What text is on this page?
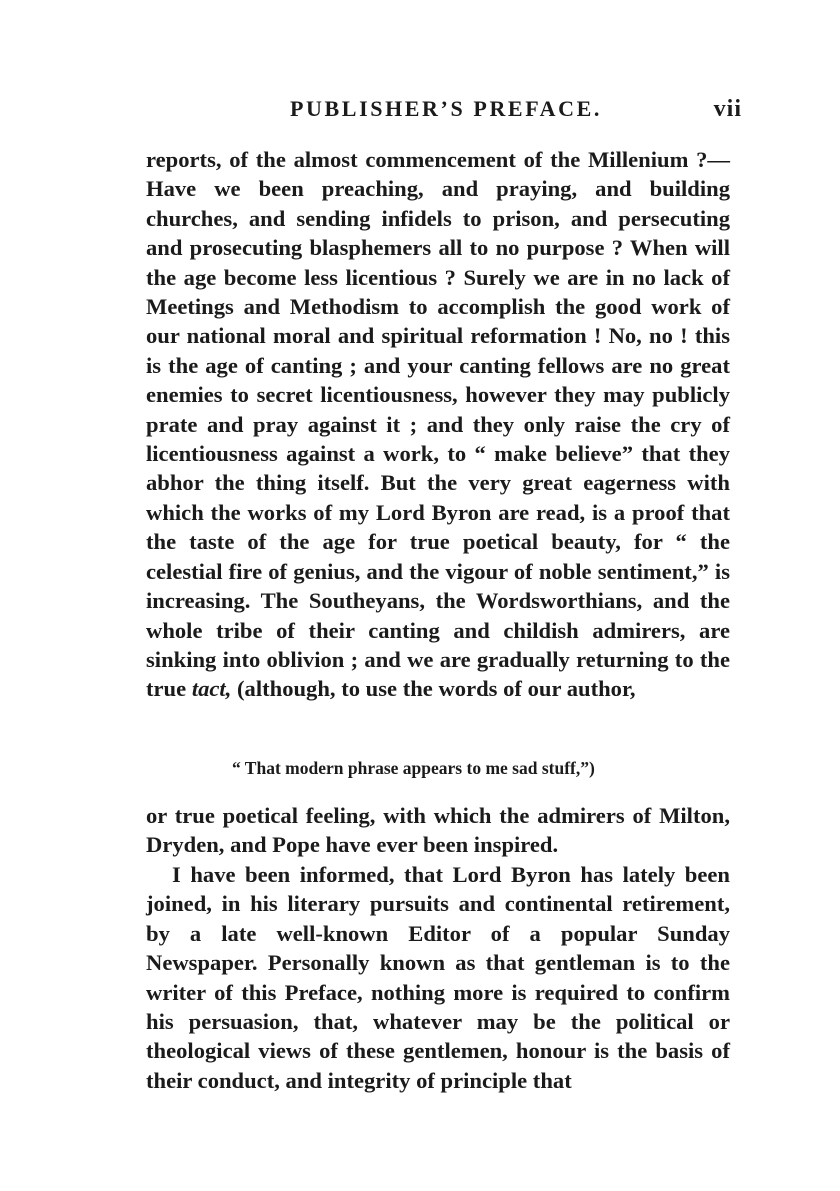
PUBLISHER’S PREFACE.	vii

reports, of the almost commencement of the Millenium ?— Have we been preaching, and praying, and building churches, and sending infidels to prison, and persecuting and prosecuting blasphemers all to no purpose ? When will the age become less licentious ? Surely we are in no lack of Meetings and Methodism to accomplish the good work of our national moral and spiritual reformation ! No, no ! this is the age of canting ; and your canting fellows are no great enemies to secret licentiousness, however they may publicly prate and pray against it ; and they only raise the cry of licentiousness against a work, to “ make believe” that they abhor the thing itself. But the very great eagerness with which the works of my Lord Byron are read, is a proof that the taste of the age for true poetical beauty, for “ the celestial fire of genius, and the vigour of noble sentiment,” is increasing. The Southeyans, the Wordsworthians, and the whole tribe of their canting and childish admirers, are sinking into oblivion ; and we are gradually returning to the true tact, (although, to use the words of our author,

“ That modern phrase appears to me sad stuff,”)

or true poetical feeling, with which the admirers of Milton, Dryden, and Pope have ever been inspired.

I have been informed, that Lord Byron has lately been joined, in his literary pursuits and continental retirement, by a late well-known Editor of a popular Sunday Newspaper. Personally known as that gentleman is to the writer of this Preface, nothing more is required to confirm his persuasion, that, whatever may be the political or theological views of these gentlemen, honour is the basis of their conduct, and integrity of principle that
